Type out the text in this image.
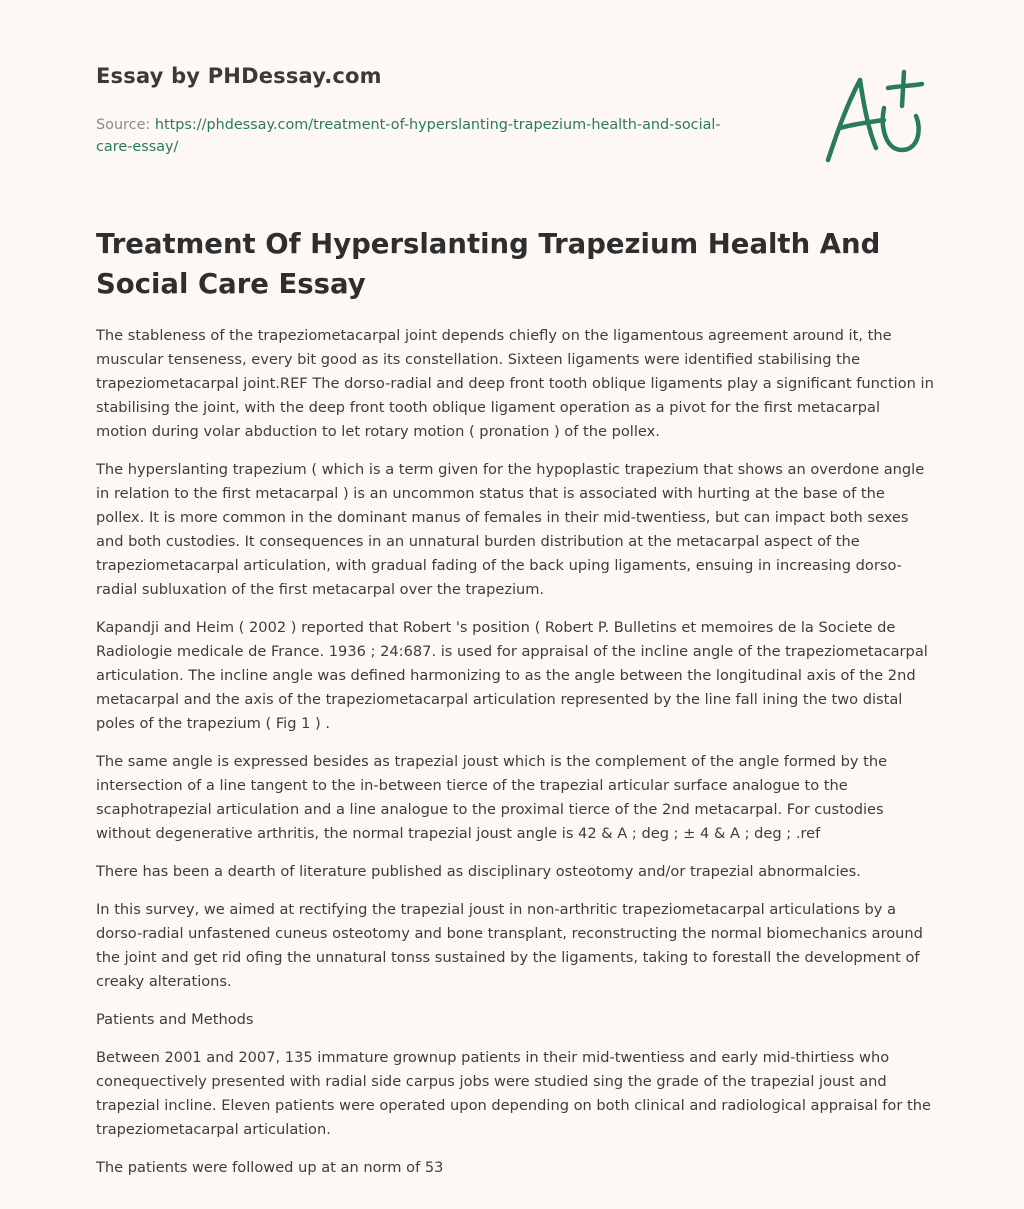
Essay by PHDessay.com
Source: https://phdessay.com/treatment-of-hyperslanting-trapezium-health-and-social-care-essay/
Treatment Of Hyperslanting Trapezium Health And Social Care Essay

The stableness of the trapeziometacarpal joint depends chiefly on the ligamentous agreement around it, the muscular tenseness, every bit good as its constellation. Sixteen ligaments were identified stabilising the trapeziometacarpal joint.REF The dorso-radial and deep front tooth oblique ligaments play a significant function in stabilising the joint, with the deep front tooth oblique ligament operation as a pivot for the first metacarpal motion during volar abduction to let rotary motion ( pronation ) of the pollex.

The hyperslanting trapezium ( which is a term given for the hypoplastic trapezium that shows an overdone angle in relation to the first metacarpal ) is an uncommon status that is associated with hurting at the base of the pollex. It is more common in the dominant manus of females in their mid-twentiess, but can impact both sexes and both custodies. It consequences in an unnatural burden distribution at the metacarpal aspect of the trapeziometacarpal articulation, with gradual fading of the back uping ligaments, ensuing in increasing dorso-radial subluxation of the first metacarpal over the trapezium.

Kapandji and Heim ( 2002 ) reported that Robert 's position ( Robert P. Bulletins et memoires de la Societe de Radiologie medicale de France. 1936 ; 24:687. is used for appraisal of the incline angle of the trapeziometacarpal articulation. The incline angle was defined harmonizing to as the angle between the longitudinal axis of the 2nd metacarpal and the axis of the trapeziometacarpal articulation represented by the line fall ining the two distal poles of the trapezium ( Fig 1 ) .

The same angle is expressed besides as trapezial joust which is the complement of the angle formed by the intersection of a line tangent to the in-between tierce of the trapezial articular surface analogue to the scaphotrapezial articulation and a line analogue to the proximal tierce of the 2nd metacarpal. For custodies without degenerative arthritis, the normal trapezial joust angle is 42 & A ; deg ; ± 4 & A ; deg ; .ref

There has been a dearth of literature published as disciplinary osteotomy and/or trapezial abnormalcies.

In this survey, we aimed at rectifying the trapezial joust in non-arthritic trapeziometacarpal articulations by a dorso-radial unfastened cuneus osteotomy and bone transplant, reconstructing the normal biomechanics around the joint and get rid ofing the unnatural tonss sustained by the ligaments, taking to forestall the development of creaky alterations.

Patients and Methods

Between 2001 and 2007, 135 immature grownup patients in their mid-twentiess and early mid-thirtiess who conequectively presented with radial side carpus jobs were studied sing the grade of the trapezial joust and trapezial incline. Eleven patients were operated upon depending on both clinical and radiological appraisal for the trapeziometacarpal articulation.

The patients were followed up at an norm of 53
